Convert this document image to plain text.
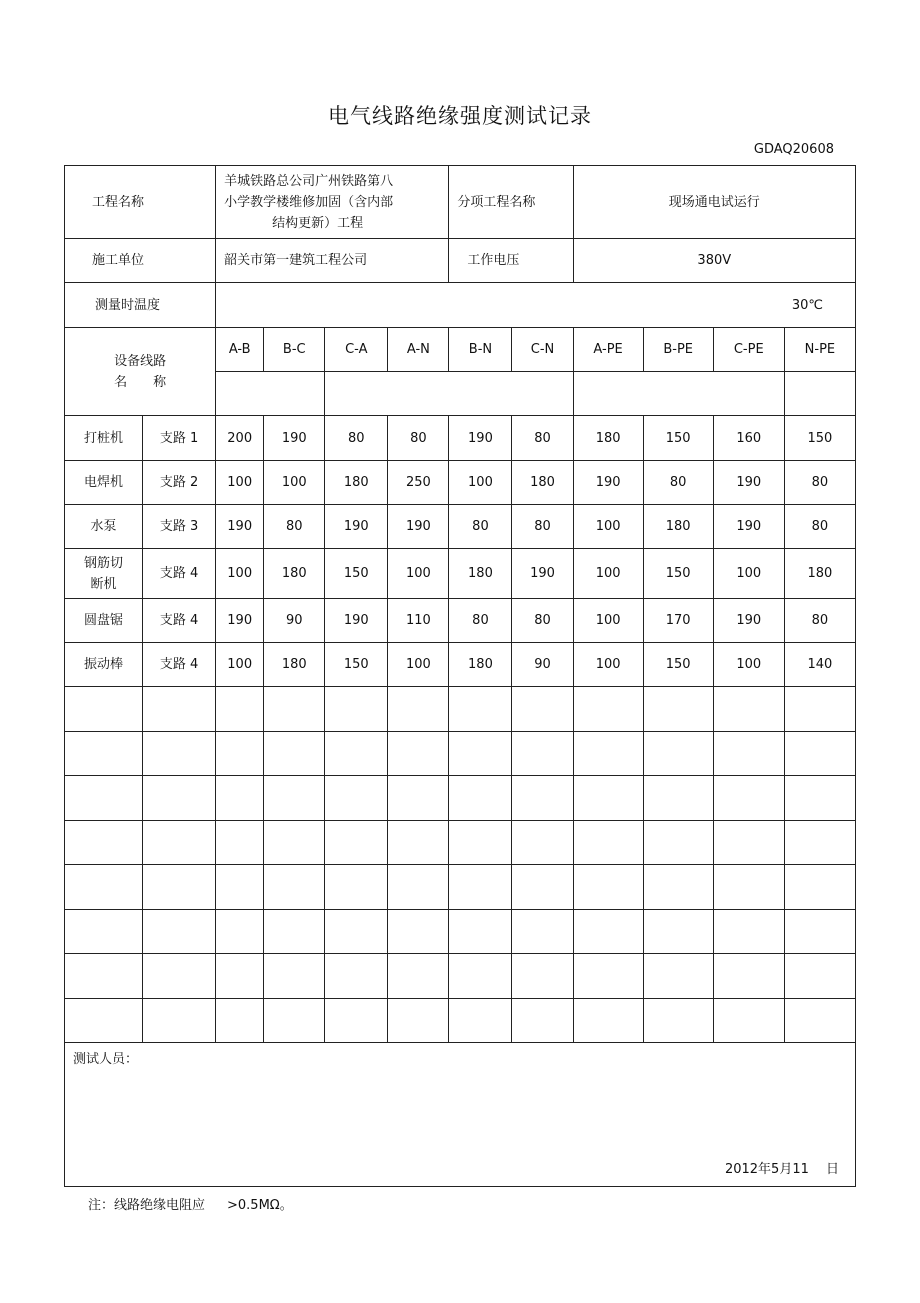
电气线路绝缘强度测试记录
GDAQ20608
工程名称		羊城铁路总公司广州铁路第八
小学教学楼维修加固（含内部
结构更新）工程				分项工程名称		现场通电试运行			
施工单位		韶关市第一建筑工程公司				工作电压		380V			
测量时温度		30℃									

设备线路
名　　称		A-B	B-C	C-A	A-N	B-N	C-N	A-PE	B-PE	C-PE	N-PE

打桩机	支路 1	200	190	80	80	190	80	180	150	160	150

电焊机	支路 2	100	100	180	250	100	180	190	80	190	80

水泵	支路 3	190	80	190	190	80	80	100	180	190	80

钢筋切
断机	支路 4	100	180	150	100	180	190	100	150	100	180

圆盘锯	支路 4	190	90	190	110	80	80	100	170	190	80

振动棒	支路 4	100	180	150	100	180	90	100	150	100	140

测试人员：
2012年5月11　 日											
注：线路绝缘电阻应 >0.5MΩ。
